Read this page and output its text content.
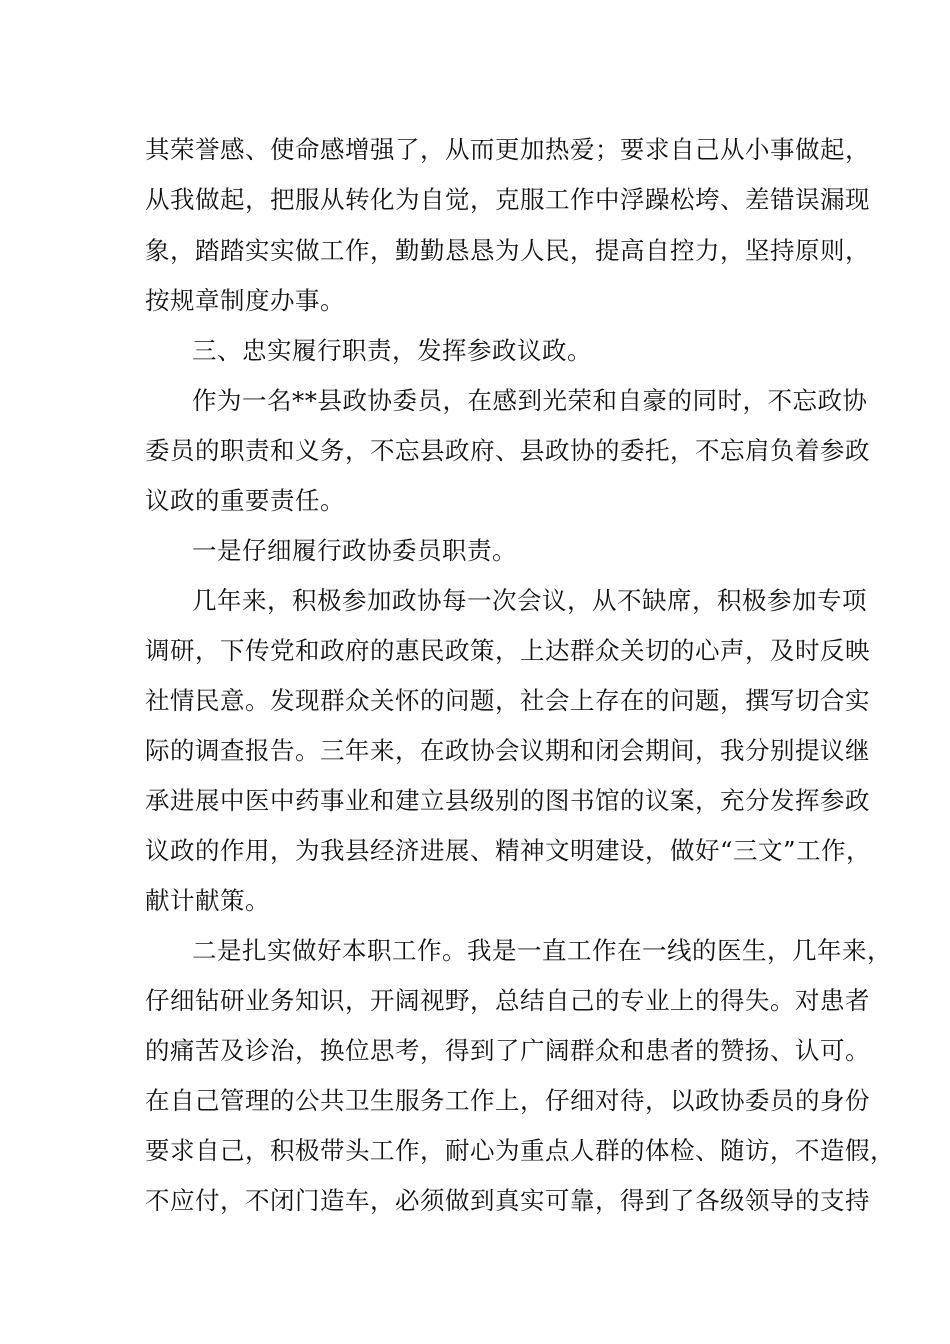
其荣誉感、使命感增强了，从而更加热爱；要求自己从小事做起，
从我做起，把服从转化为自觉，克服工作中浮躁松垮、差错误漏现
象，踏踏实实做工作，勤勤恳恳为人民，提高自控力，坚持原则，
按规章制度办事。
三、忠实履行职责，发挥参政议政。
作为一名**县政协委员，在感到光荣和自豪的同时，不忘政协
委员的职责和义务，不忘县政府、县政协的委托，不忘肩负着参政
议政的重要责任。
一是仔细履行政协委员职责。
几年来，积极参加政协每一次会议，从不缺席，积极参加专项
调研，下传党和政府的惠民政策，上达群众关切的心声，及时反映
社情民意。发现群众关怀的问题，社会上存在的问题，撰写切合实
际的调查报告。三年来，在政协会议期和闭会期间，我分别提议继
承进展中医中药事业和建立县级别的图书馆的议案，充分发挥参政
议政的作用，为我县经济进展、精神文明建设，做好“三文”工作，
献计献策。
二是扎实做好本职工作。我是一直工作在一线的医生，几年来，
仔细钻研业务知识，开阔视野，总结自己的专业上的得失。对患者
的痛苦及诊治，换位思考，得到了广阔群众和患者的赞扬、认可。
在自己管理的公共卫生服务工作上，仔细对待，以政协委员的身份
要求自己，积极带头工作，耐心为重点人群的体检、随访，不造假，
不应付，不闭门造车，必须做到真实可靠，得到了各级领导的支持
